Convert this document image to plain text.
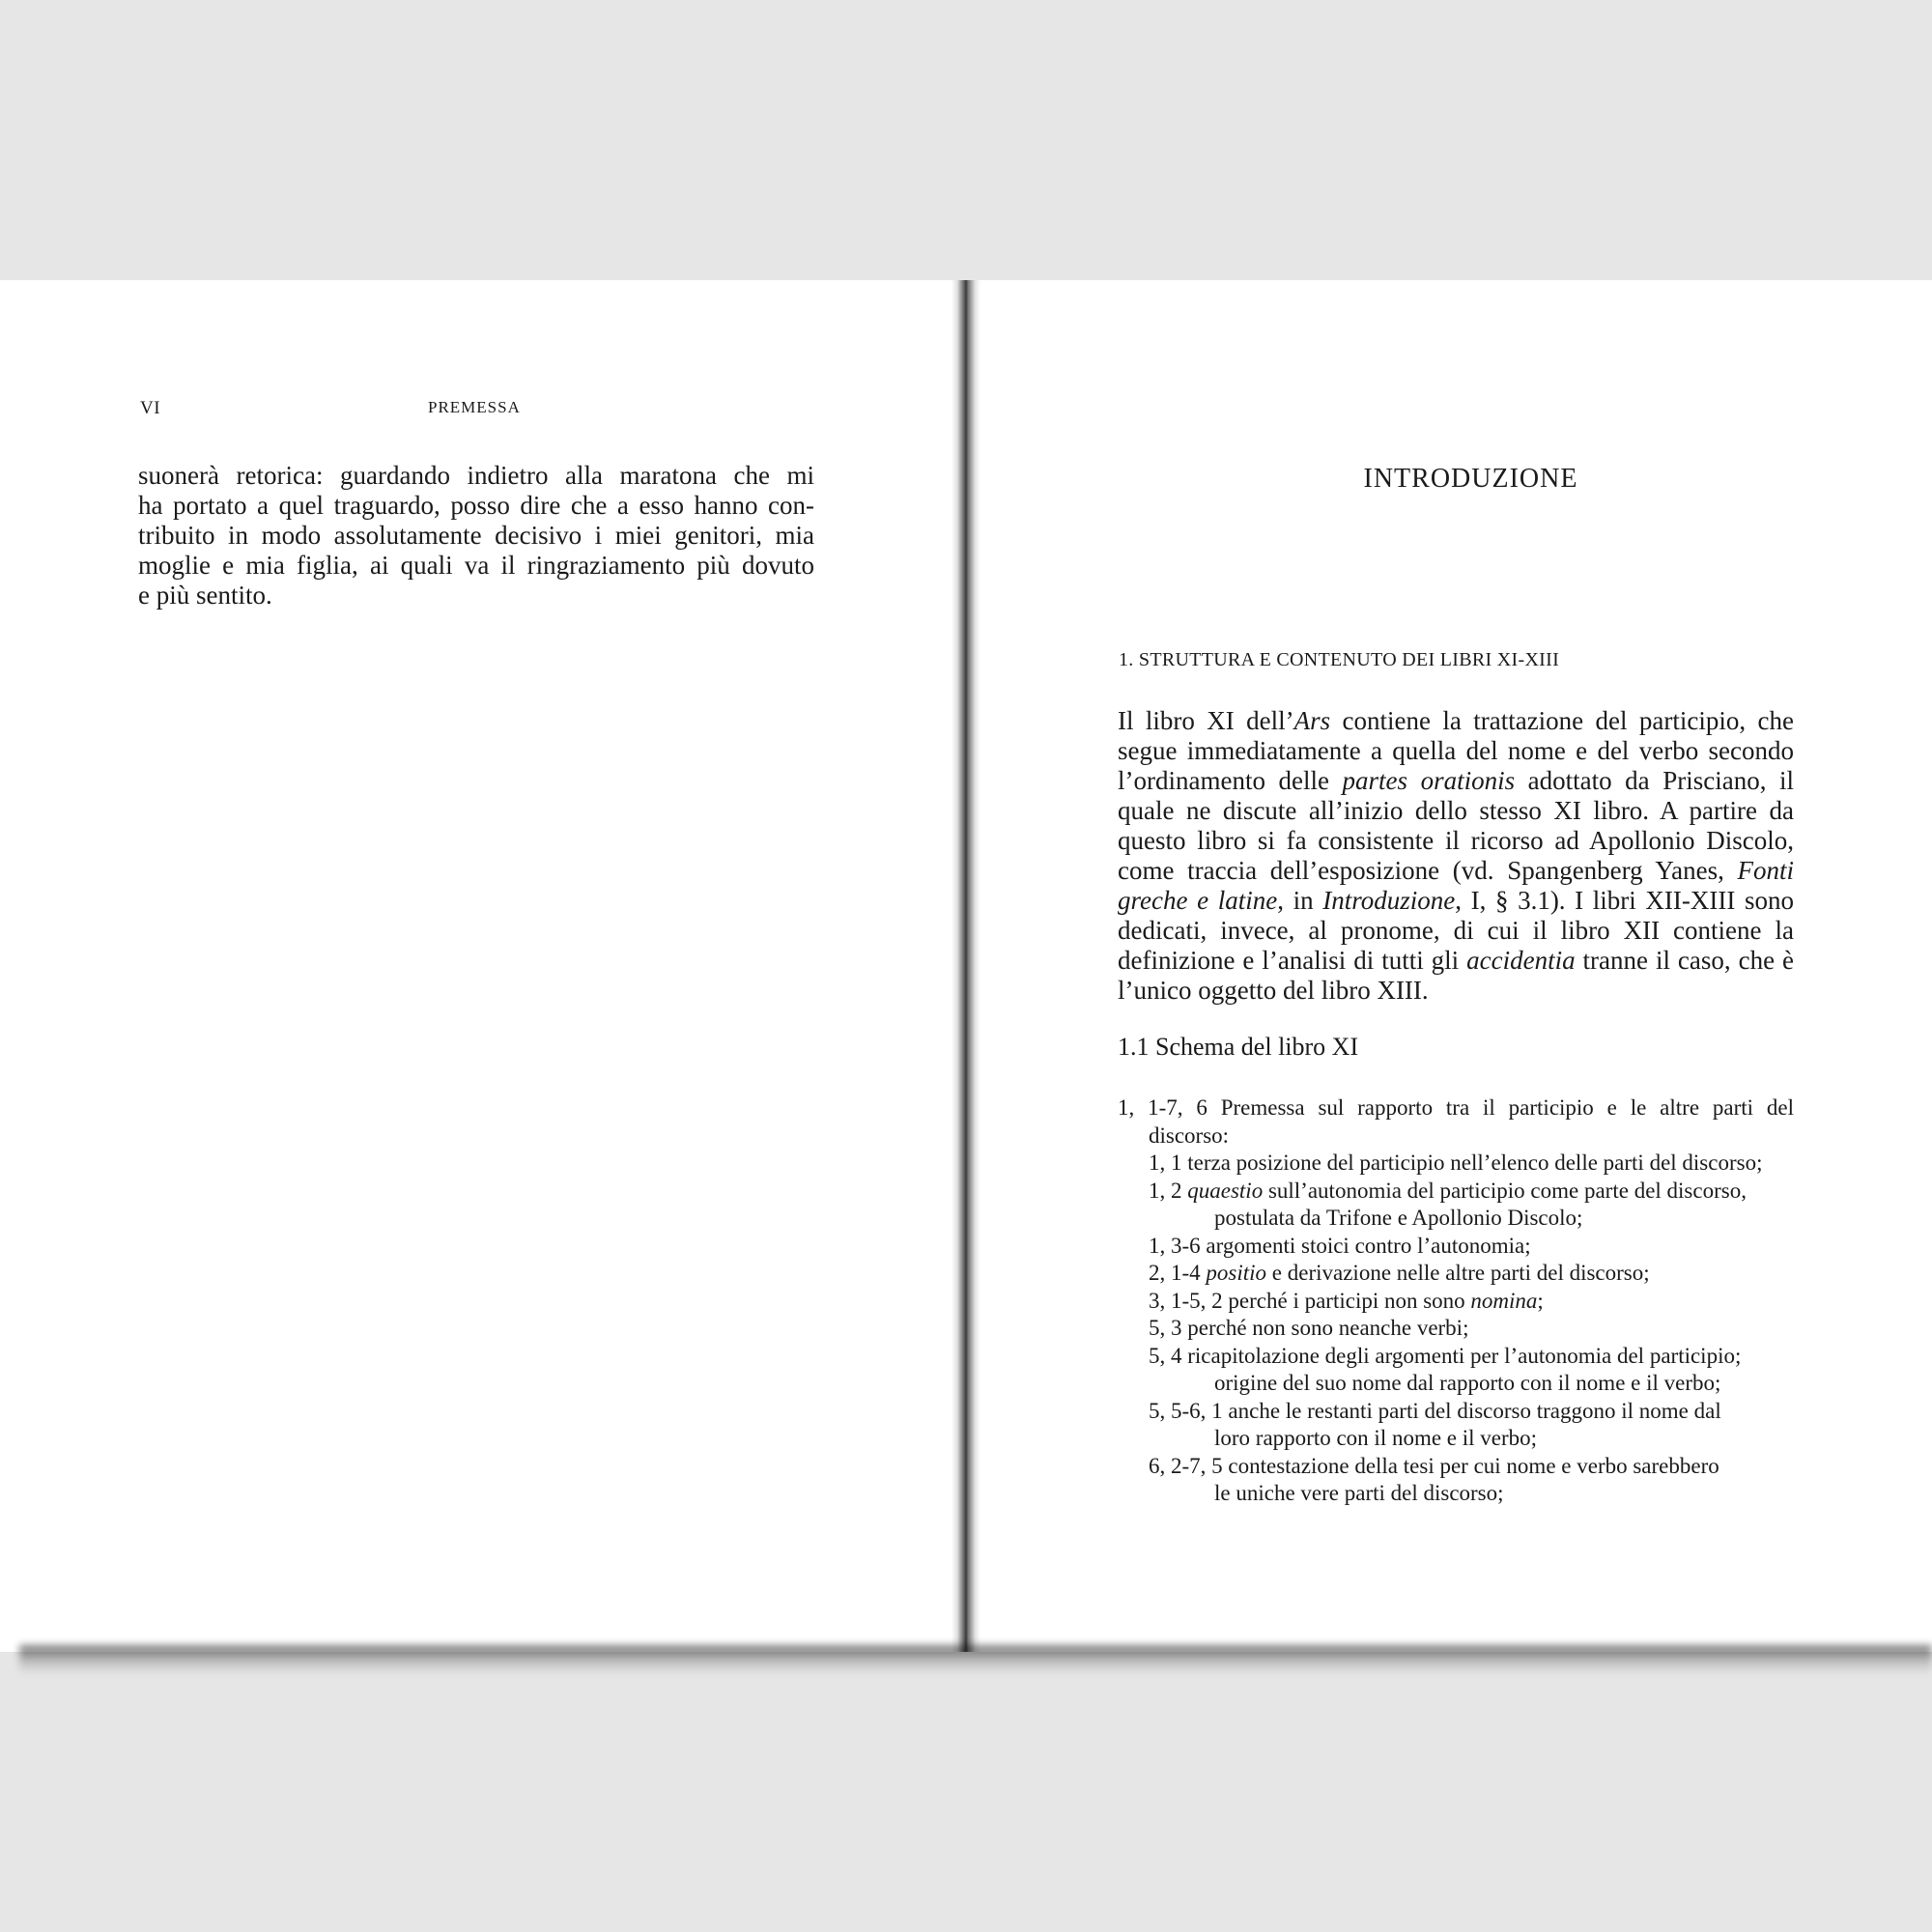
VI	PREMESSA
suonerà retorica: guardando indietro alla maratona che mi
ha portato a quel traguardo, posso dire che a esso hanno con-
tribuito in modo assolutamente decisivo i miei genitori, mia
moglie e mia figlia, ai quali va il ringraziamento più dovuto
e più sentito.
INTRODUZIONE
1. STRUTTURA E CONTENUTO DEI LIBRI XI-XIII
Il libro XI dell’Ars contiene la trattazione del participio, che
segue immediatamente a quella del nome e del verbo secondo
l’ordinamento delle partes orationis adottato da Prisciano, il
quale ne discute all’inizio dello stesso XI libro. A partire da
questo libro si fa consistente il ricorso ad Apollonio Discolo,
come traccia dell’esposizione (vd. Spangenberg Yanes, Fonti
greche e latine, in Introduzione, I, § 3.1). I libri XII-XIII sono
dedicati, invece, al pronome, di cui il libro XII contiene la
definizione e l’analisi di tutti gli accidentia tranne il caso, che è
l’unico oggetto del libro XIII.
1.1 Schema del libro XI
1, 1-7, 6 Premessa sul rapporto tra il participio e le altre parti del
discorso:
1, 1 terza posizione del participio nell’elenco delle parti del discorso;
1, 2 quaestio sull’autonomia del participio come parte del discorso,
postulata da Trifone e Apollonio Discolo;
1, 3-6 argomenti stoici contro l’autonomia;
2, 1-4 positio e derivazione nelle altre parti del discorso;
3, 1-5, 2 perché i participi non sono nomina;
5, 3 perché non sono neanche verbi;
5, 4 ricapitolazione degli argomenti per l’autonomia del participio;
origine del suo nome dal rapporto con il nome e il verbo;
5, 5-6, 1 anche le restanti parti del discorso traggono il nome dal
loro rapporto con il nome e il verbo;
6, 2-7, 5 contestazione della tesi per cui nome e verbo sarebbero
le uniche vere parti del discorso;
